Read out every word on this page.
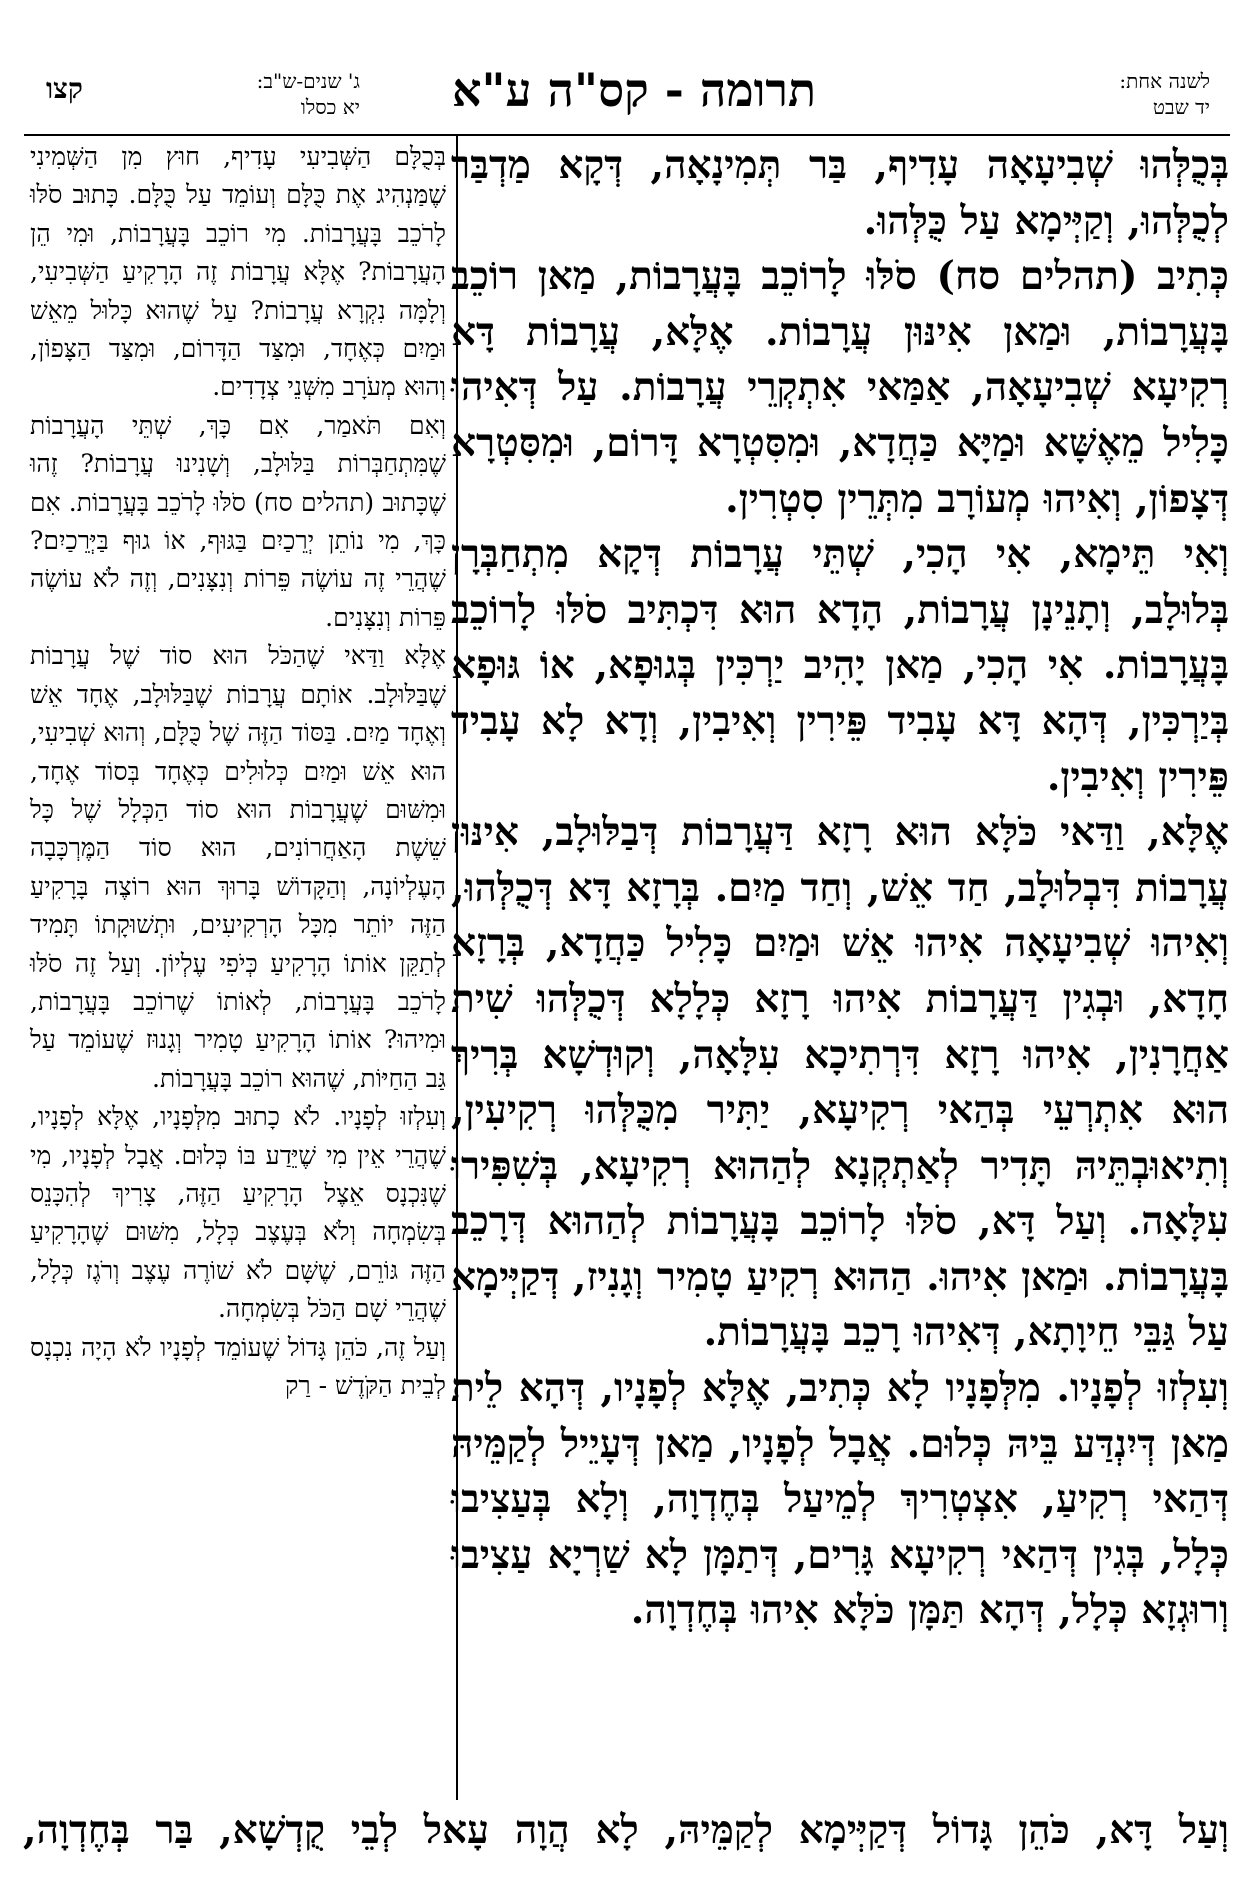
קצו	ג' שנים-ש"ב:
יא כסלו תרומה - קס"ה ע"א	לשנה אחת:
יד שבט

בְּכֻלְּהוּ שְׁבִיעָאָה עָדִיף, בַּר תְּמִינָאָה, דְּקָא מַדְבַּר לְכֻלְּהוּ, וְקַיְּימָא עַל כֻּלְּהוּ.

כְּתִיב (תהלים סח) סֹלּוּ לָרוֹכֵב בָּעֲרָבוֹת, מַאן רוֹכֵב בָּעֲרָבוֹת, וּמַאן אִינּוּן עֲרָבוֹת. אֶלָּא, עֲרָבוֹת דָּא רְקִיעָא שְׁבִיעָאָה, אַמַּאי אִתְקְרֵי עֲרָבוֹת. עַל דְּאִיהוּ כָּלִיל מֵאֶשָּׁא וּמַיָּא כַּחֲדָא, וּמִסִּטְרָא דָּרוֹם, וּמִסִּטְרָא דְּצָפוֹן, וְאִיהוּ מְעוֹרָב מִתְּרֵין סִטְרִין.

וְאִי תֵּימָא, אִי הָכִי, שְׁתֵּי עֲרָבוֹת דְּקָא מִתְחַבְּרָן בְּלוּלָב, וְתָנֵינָן עֲרָבוֹת, הָדָא הוּא דִּכְתִּיב סֹלּוּ לָרוֹכֵב בָּעֲרָבוֹת. אִי הָכִי, מַאן יָהִיב יַרְכִּין בְּגוּפָא, אוֹ גּוּפָא בְּיַרְכִּין, דְּהָא דָּא עָבִיד פֵּירִין וְאִיבִין, וְדָא לָא עָבִיד פֵּירִין וְאִיבִין.

אֶלָּא, וַדַּאי כֹּלָּא הוּא רָזָא דַּעֲרָבוֹת דְּבַלּוּלָב, אִינּוּן עֲרָבוֹת דִּבְלוּלָב, חַד אֵשׁ, וְחַד מַיִם. בְּרָזָא דָּא דְּכֻלְּהוּ, וְאִיהוּ שְׁבִיעָאָה אִיהוּ אֵשׁ וּמַיִם כָּלִיל כַּחֲדָא, בְּרָזָא חָדָא, וּבְגִין דַּעֲרָבוֹת אִיהוּ רָזָא כְּלָלָא דְּכֻלְּהוּ שִׁית אַחֲרָנִין, אִיהוּ רָזָא דִּרְתִיכָא עִלָּאָה, וְקוּדְשָׁא בְּרִיךְ הוּא אִתְרְעֵי בְּהַאי רְקִיעָא, יַתִּיר מִכֻּלְּהוּ רְקִיעִין, וְתִיאוּבְתֵּיהּ תָּדִיר לְאַתְקְנָא לְהַהוּא רְקִיעָא, בְּשִׁפִּירוּ עִלָּאָה. וְעַל דָּא, סֹלּוּ לָרוֹכֵב בָּעֲרָבוֹת לְהַהוּא דְּרָכֵב בָּעֲרָבוֹת. וּמַאן אִיהוּ. הַהוּא רְקִיעַ טָמִיר וְגָנִיז, דְּקַיְּימָא עַל גַּבֵּי חֵיוָתָא, דְּאִיהוּ רָכֵב בָּעֲרָבוֹת.

וְעִלְזוּ לְפָנָיו. מִלְּפָנָיו לָא כְּתִיב, אֶלָּא לְפָנָיו, דְּהָא לֵית מַאן דְּיִנְדַּע בֵּיהּ כְּלוּם. אֲבָל לְפָנָיו, מַאן דְּעָיֵיל לְקַמֵּיהּ דְּהַאי רְקִיעַ, אִצְטְרִיךְ לְמֵיעַל בְּחֶדְוָה, וְלָא בְּעַצִיבוּ כְּלָל, בְּגִין דְּהַאי רְקִיעָא גָּרִים, דְּתַמָּן לָא שַׁרְיָא עַצִיבוּ וְרוּגְזָא כְּלָל, דְּהָא תַּמָּן כֹּלָּא אִיהוּ בְּחֶדְוָה.

בְּכֻלָּם הַשְּׁבִיעִי עָדִיף, חוּץ מִן הַשְּׁמִינִי שֶׁמַּנְהִיג אֶת כֻּלָּם וְעוֹמֵד עַל כֻּלָּם. כָּתוּב סֹלּוּ לָרֹכֵב בָּעֲרָבוֹת. מִי רוֹכֵב בָּעֲרָבוֹת, וּמִי הֵן הָעֲרָבוֹת? אֶלָּא עֲרָבוֹת זֶה הָרָקִיעַ הַשְּׁבִיעִי, וְלָמָּה נִקְרָא עֲרָבוֹת? עַל שֶׁהוּא כָּלוּל מֵאֵשׁ וּמַיִם כְּאֶחָד, וּמִצַּד הַדָּרוֹם, וּמִצַּד הַצָּפוֹן, וְהוּא מְעֹרָב מִשְּׁנֵי צְדָדִים.

וְאִם תֹּאמַר, אִם כָּךְ, שְׁתֵּי הָעֲרָבוֹת שֶׁמִּתְחַבְּרוֹת בַּלּוּלָב, וְשָׁנִינוּ עֲרָבוֹת? זֶהוּ שֶׁכָּתוּב (תהלים סח) סֹלּוּ לָרֹכֵב בָּעֲרָבוֹת. אִם כָּךְ, מִי נוֹתֵן יְרֵכַיִם בַּגּוּף, אוֹ גוּף בַּיְּרֵכַיִם? שֶׁהֲרֵי זֶה עוֹשֶׂה פֵּרוֹת וְנִצָּנִים, וְזֶה לֹא עוֹשֶׂה פֵּרוֹת וְנִצָּנִים.

אֶלָּא וַדַּאי שֶׁהַכֹּל הוּא סוֹד שֶׁל עֲרָבוֹת שֶׁבַּלּוּלָב. אוֹתָם עֲרָבוֹת שֶׁבַּלּוּלָב, אֶחָד אֵשׁ וְאֶחָד מַיִם. בַּסּוֹד הַזֶּה שֶׁל כֻּלָּם, וְהוּא שְׁבִיעִי, הוּא אֵשׁ וּמַיִם כְּלוּלִים כְּאֶחָד בְּסוֹד אֶחָד, וּמִשּׁוּם שֶׁעֲרָבוֹת הוּא סוֹד הַכְּלָל שֶׁל כָּל שֵׁשֶׁת הָאַחֲרוֹנִים, הוּא סוֹד הַמֶּרְכָּבָה הָעֶלְיוֹנָה, וְהַקָּדוֹשׁ בָּרוּךְ הוּא רוֹצֶה בָּרָקִיעַ הַזֶּה יוֹתֵר מִכָּל הָרְקִיעִים, וּתְשׁוּקָתוֹ תָּמִיד לְתַקֵּן אוֹתוֹ הָרָקִיעַ כְּיֹפִי עֶלְיוֹן. וְעַל זֶה סֹלּוּ לָרֹכֵב בָּעֲרָבוֹת, לְאוֹתוֹ שֶׁרוֹכֵב בָּעֲרָבוֹת, וּמִיהוּ? אוֹתוֹ הָרָקִיעַ טָמִיר וְגָנוּז שֶׁעוֹמֵד עַל גַּב הַחַיּוֹת, שֶׁהוּא רוֹכֵב בָּעֲרָבוֹת.

וְעִלְזוּ לְפָנָיו. לֹא כָתוּב מִלְּפָנָיו, אֶלָּא לְפָנָיו, שֶׁהֲרֵי אֵין מִי שֶׁיֵּדַע בּוֹ כְּלוּם. אֲבָל לְפָנָיו, מִי שֶׁנִּכְנָס אֵצֶל הָרָקִיעַ הַזֶּה, צָרִיךְ לְהִכָּנֵס בְּשִׂמְחָה וְלֹא בְּעֶצֶב כְּלָל, מִשּׁוּם שֶׁהָרָקִיעַ הַזֶּה גּוֹרֵם, שֶׁשָּׁם לֹא שׁוֹרֶה עֶצֶב וְרֹגֶז כְּלָל, שֶׁהֲרֵי שָׁם הַכֹּל בְּשִׂמְחָה.

וְעַל זֶה, כֹּהֵן גָּדוֹל שֶׁעוֹמֵד לְפָנָיו לֹא הָיָה נִכְנָס לְבֵית הַקֹּדֶשׁ - רַק

וְעַל דָּא, כֹּהֵן גָּדוֹל דְּקַיְּימָא לְקַמֵּיהּ, לָא הֲוָה עָאל לְבֵי קֻדְשָׁא, בַּר בְּחֶדְוָה,
